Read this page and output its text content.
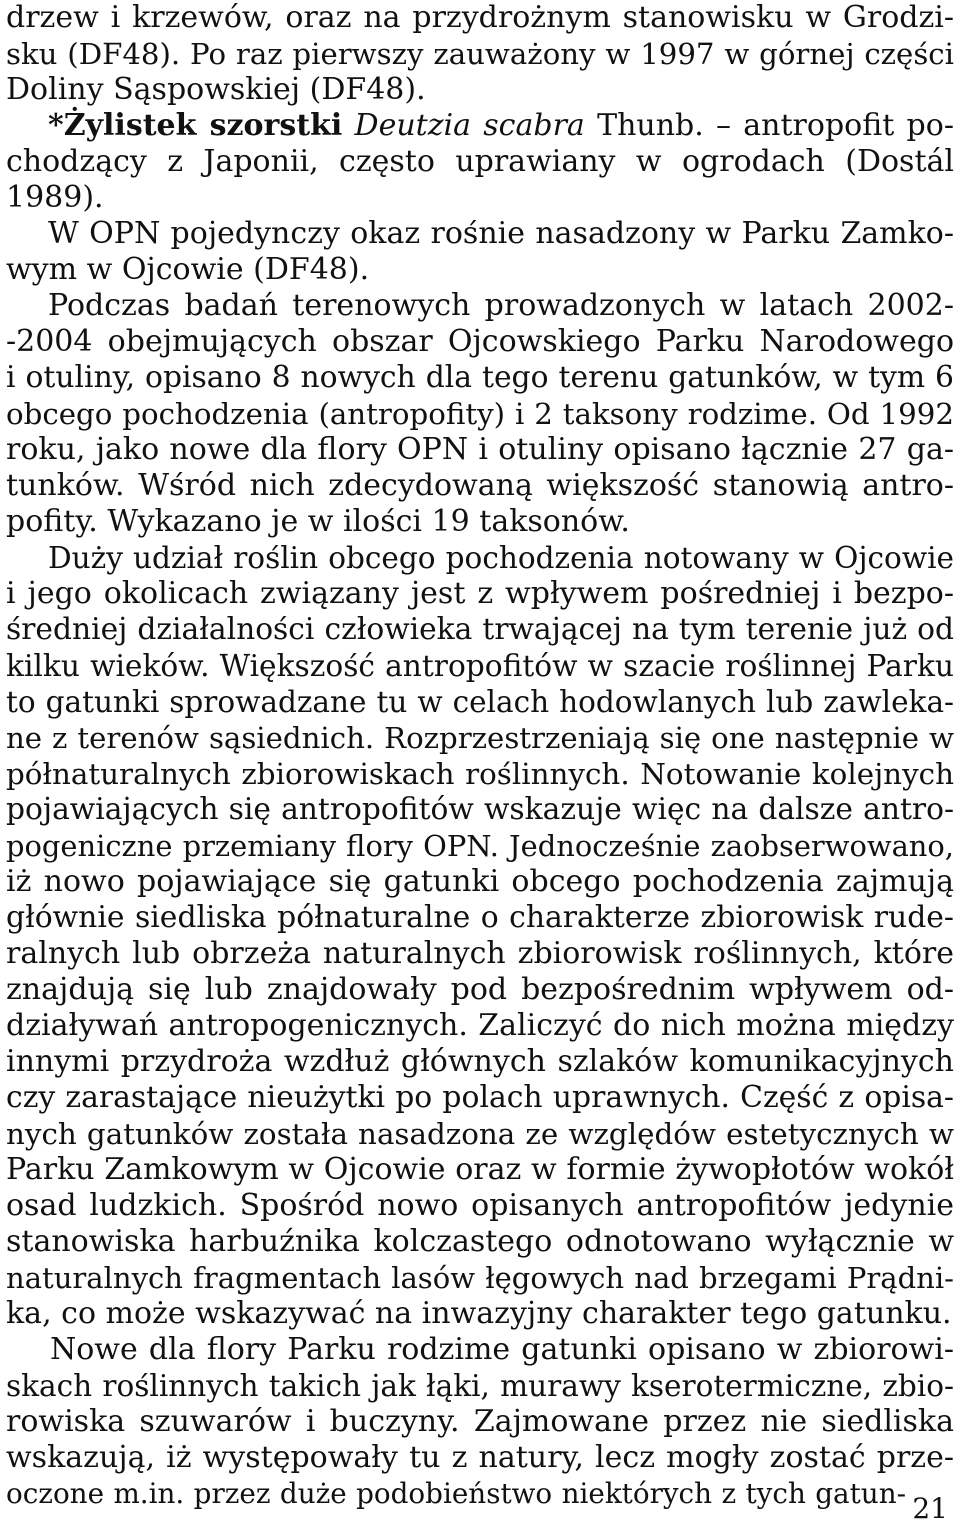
drzew i krzewów, oraz na przydrożnym stanowisku w Grodzi-
sku (DF48). Po raz pierwszy zauważony w 1997 w górnej części
Doliny Sąspowskiej (DF48).
*Żylistek szorstki Deutzia scabra Thunb. – antropofit po-
chodzący z Japonii, często uprawiany w ogrodach (Dostál
1989).
W OPN pojedynczy okaz rośnie nasadzony w Parku Zamko-
wym w Ojcowie (DF48).
Podczas badań terenowych prowadzonych w latach 2002-
-2004 obejmujących obszar Ojcowskiego Parku Narodowego
i otuliny, opisano 8 nowych dla tego terenu gatunków, w tym 6
obcego pochodzenia (antropofity) i 2 taksony rodzime. Od 1992
roku, jako nowe dla flory OPN i otuliny opisano łącznie 27 ga-
tunków. Wśród nich zdecydowaną większość stanowią antro-
pofity. Wykazano je w ilości 19 taksonów.
Duży udział roślin obcego pochodzenia notowany w Ojcowie
i jego okolicach związany jest z wpływem pośredniej i bezpo-
średniej działalności człowieka trwającej na tym terenie już od
kilku wieków. Większość antropofitów w szacie roślinnej Parku
to gatunki sprowadzane tu w celach hodowlanych lub zawleka-
ne z terenów sąsiednich. Rozprzestrzeniają się one następnie w
półnaturalnych zbiorowiskach roślinnych. Notowanie kolejnych
pojawiających się antropofitów wskazuje więc na dalsze antro-
pogeniczne przemiany flory OPN. Jednocześnie zaobserwowano,
iż nowo pojawiające się gatunki obcego pochodzenia zajmują
głównie siedliska półnaturalne o charakterze zbiorowisk rude-
ralnych lub obrzeża naturalnych zbiorowisk roślinnych, które
znajdują się lub znajdowały pod bezpośrednim wpływem od-
działywań antropogenicznych. Zaliczyć do nich można między
innymi przydroża wzdłuż głównych szlaków komunikacyjnych
czy zarastające nieużytki po polach uprawnych. Część z opisa-
nych gatunków została nasadzona ze względów estetycznych w
Parku Zamkowym w Ojcowie oraz w formie żywopłotów wokół
osad ludzkich. Spośród nowo opisanych antropofitów jedynie
stanowiska harbuźnika kolczastego odnotowano wyłącznie w
naturalnych fragmentach lasów łęgowych nad brzegami Prądni-
ka, co może wskazywać na inwazyjny charakter tego gatunku.
Nowe dla flory Parku rodzime gatunki opisano w zbiorowi-
skach roślinnych takich jak łąki, murawy kserotermiczne, zbio-
rowiska szuwarów i buczyny. Zajmowane przez nie siedliska
wskazują, iż występowały tu z natury, lecz mogły zostać prze-
oczone m.in. przez duże podobieństwo niektórych z tych gatun- 21
